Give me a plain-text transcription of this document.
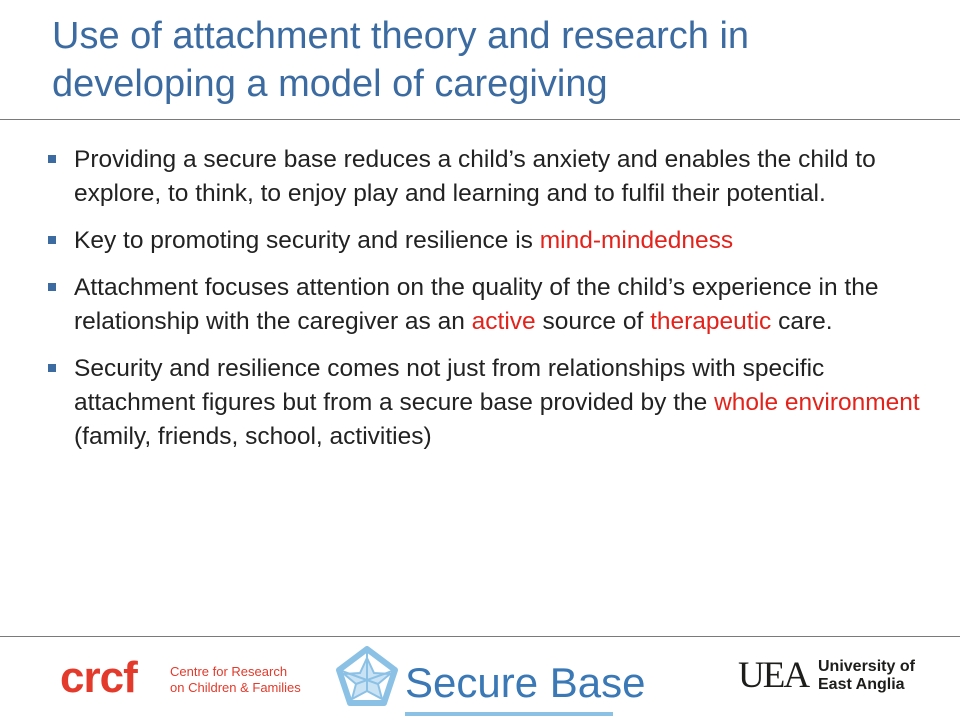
Use of attachment theory and research in developing a model of caregiving
Providing a secure base reduces a child’s anxiety and enables the child to explore, to think, to enjoy play and learning and to fulfil their potential.
Key to promoting security and resilience is mind-mindedness
Attachment focuses attention on the quality of the child’s experience in the relationship with the caregiver as an active source of therapeutic care.
Security and resilience comes not just from relationships with specific attachment figures but from a secure base provided by the whole environment (family, friends, school, activities)
crcf	Centre for Research
on Children & Families	Secure Base	UEA University of
East Anglia
